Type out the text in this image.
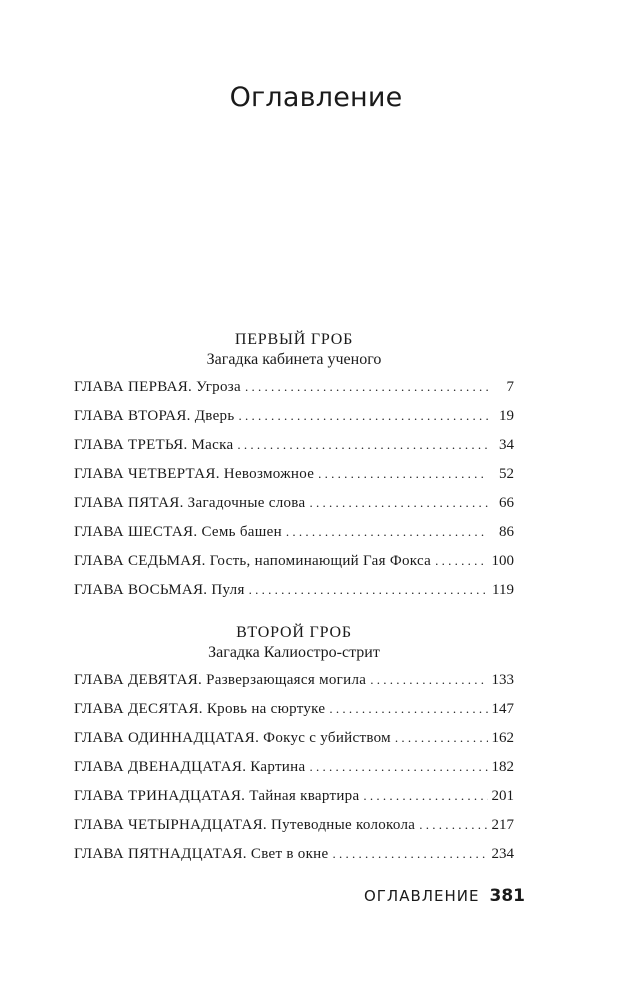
Оглавление
ПЕРВЫЙ ГРОБ
Загадка кабинета ученого
ГЛАВА ПЕРВАЯ. Угроза . . .	7
ГЛАВА ВТОРАЯ. Дверь . . .	19
ГЛАВА ТРЕТЬЯ. Маска . . .	34
ГЛАВА ЧЕТВЕРТАЯ. Невозможное . . .	52
ГЛАВА ПЯТАЯ. Загадочные слова . . .	66
ГЛАВА ШЕСТАЯ. Семь башен . . .	86
ГЛАВА СЕДЬМАЯ. Гость, напоминающий Гая Фокса . . .	100
ГЛАВА ВОСЬМАЯ. Пуля . . .	119
ВТОРОЙ ГРОБ
Загадка Калиостро-стрит
ГЛАВА ДЕВЯТАЯ. Разверзающаяся могила . . .	133
ГЛАВА ДЕСЯТАЯ. Кровь на сюртуке . . .	147
ГЛАВА ОДИННАДЦАТАЯ. Фокус с убийством . . .	162
ГЛАВА ДВЕНАДЦАТАЯ. Картина . . .	182
ГЛАВА ТРИНАДЦАТАЯ. Тайная квартира . . .	201
ГЛАВА ЧЕТЫРНАДЦАТАЯ. Путеводные колокола . . .	217
ГЛАВА ПЯТНАДЦАТАЯ. Свет в окне . . .	234
ОГЛАВЛЕНИЕ 381
